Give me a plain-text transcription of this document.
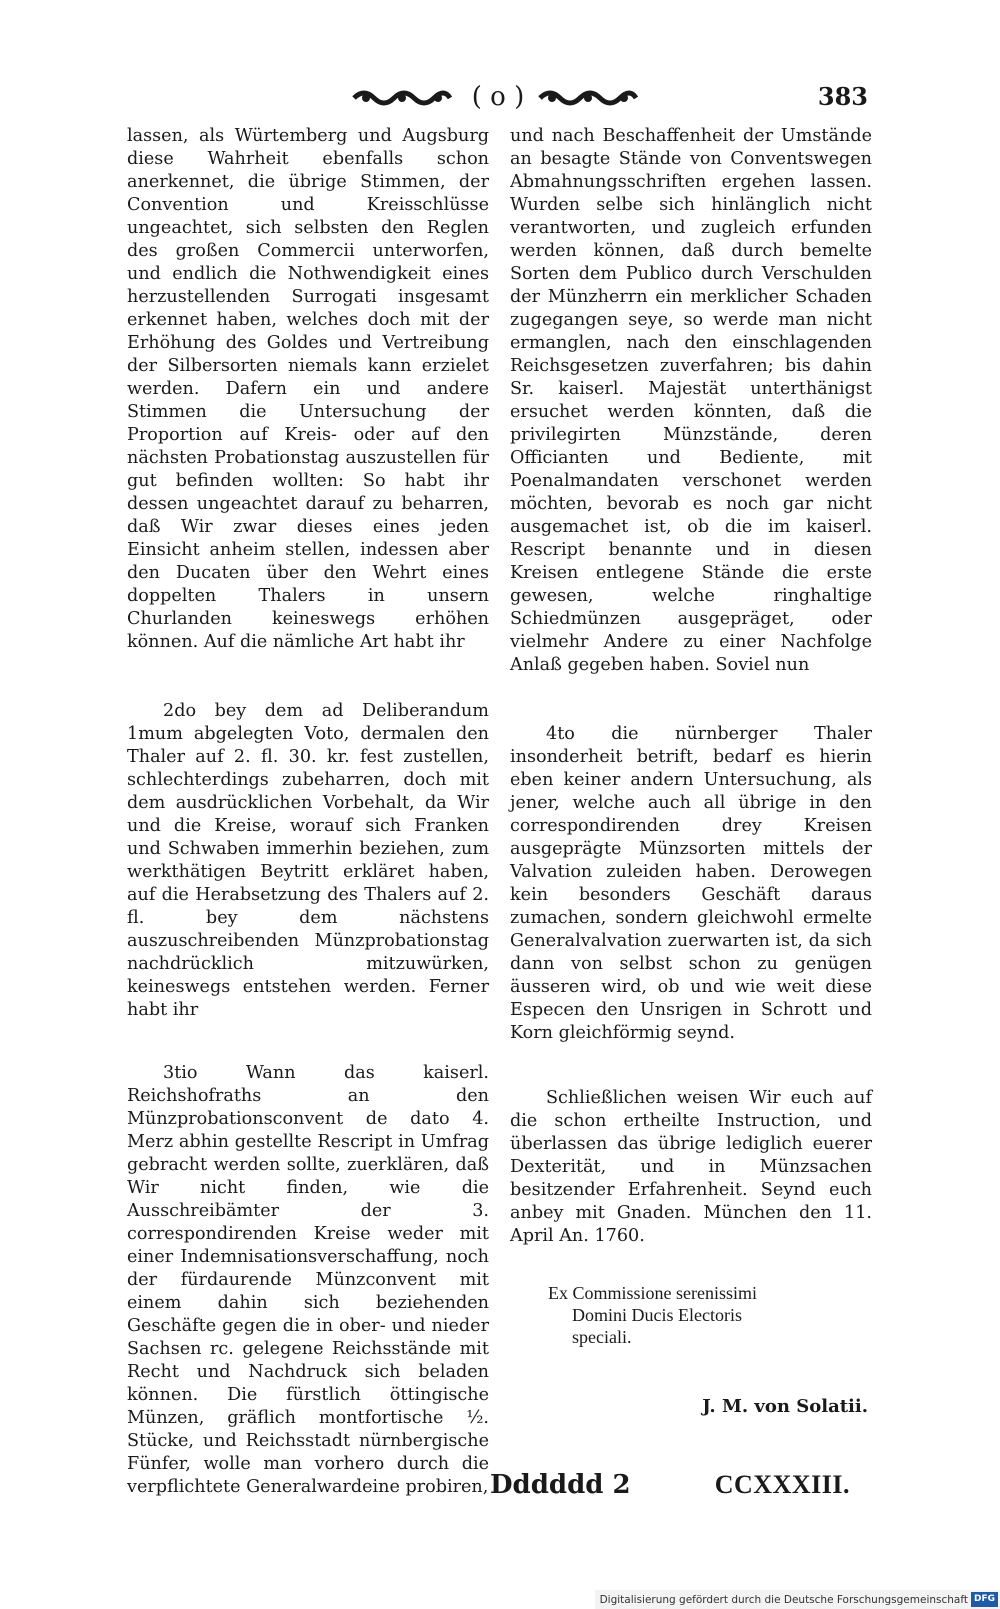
( o )	383

lassen, als Würtemberg und Augsburg diese Wahrheit ebenfalls schon anerkennet, die übrige Stimmen, der Convention und Kreisschlüsse ungeachtet, sich selbsten den Reglen des großen Commercii unterworfen, und endlich die Nothwendigkeit eines herzustellenden Surrogati insgesamt erkennet haben, welches doch mit der Erhöhung des Goldes und Vertreibung der Silbersorten niemals kann erzielet werden. Dafern ein und andere Stimmen die Untersuchung der Proportion auf Kreis- oder auf den nächsten Probationstag auszustellen für gut befinden wollten: So habt ihr dessen ungeachtet darauf zu beharren, daß Wir zwar dieses eines jeden Einsicht anheim stellen, indessen aber den Ducaten über den Wehrt eines doppelten Thalers in unsern Churlanden keineswegs erhöhen können. Auf die nämliche Art habt ihr

2do bey dem ad Deliberandum 1mum abgelegten Voto, dermalen den Thaler auf 2. fl. 30. kr. fest zustellen, schlechterdings zubeharren, doch mit dem ausdrücklichen Vorbehalt, da Wir und die Kreise, worauf sich Franken und Schwaben immerhin beziehen, zum werkthätigen Beytritt erkläret haben, auf die Herabsetzung des Thalers auf 2. fl. bey dem nächstens auszuschreibenden Münzprobationstag nachdrücklich mitzuwürken, keineswegs entstehen werden. Ferner habt ihr

3tio Wann das kaiserl. Reichshofraths an den Münzprobationsconvent de dato 4. Merz abhin gestellte Rescript in Umfrag gebracht werden sollte, zuerklären, daß Wir nicht finden, wie die Ausschreibämter der 3. correspondirenden Kreise weder mit einer Indemnisationsverschaffung, noch der fürdaurende Münzconvent mit einem dahin sich beziehenden Geschäfte gegen die in ober- und nieder Sachsen rc. gelegene Reichsstände mit Recht und Nachdruck sich beladen können. Die fürstlich öttingische Münzen, gräflich montfortische ⅟₂. Stücke, und Reichsstadt nürnbergische Fünfer, wolle man vorhero durch die verpflichtete Generalwardeine probiren,

und nach Beschaffenheit der Umstände an besagte Stände von Conventswegen Abmahnungsschriften ergehen lassen. Wurden selbe sich hinlänglich nicht verantworten, und zugleich erfunden werden können, daß durch bemelte Sorten dem Publico durch Verschulden der Münzherrn ein merklicher Schaden zugegangen seye, so werde man nicht ermanglen, nach den einschlagenden Reichsgesetzen zuverfahren; bis dahin Sr. kaiserl. Majestät unterthänigst ersuchet werden könnten, daß die privilegirten Münzstände, deren Officianten und Bediente, mit Poenalmandaten verschonet werden möchten, bevorab es noch gar nicht ausgemachet ist, ob die im kaiserl. Rescript benannte und in diesen Kreisen entlegene Stände die erste gewesen, welche ringhaltige Schiedmünzen ausgepräget, oder vielmehr Andere zu einer Nachfolge Anlaß gegeben haben. Soviel nun

4to die nürnberger Thaler insonderheit betrift, bedarf es hierin eben keiner andern Untersuchung, als jener, welche auch all übrige in den correspondirenden drey Kreisen ausgeprägte Münzsorten mittels der Valvation zuleiden haben. Derowegen kein besonders Geschäft daraus zumachen, sondern gleichwohl ermelte Generalvalvation zuerwarten ist, da sich dann von selbst schon zu genügen äusseren wird, ob und wie weit diese Especen den Unsrigen in Schrott und Korn gleichförmig seynd.

Schließlichen weisen Wir euch auf die schon ertheilte Instruction, und überlassen das übrige lediglich euerer Dexterität, und in Münzsachen besitzender Erfahrenheit. Seynd euch anbey mit Gnaden. München den 11. April An. 1760.

Ex Commissione serenissimi
Domini Ducis Electoris
speciali.
J. M. von Solatii.
Dddddd 2	CCXXXIII.
Digitalisierung gefördert durch die Deutsche Forschungsgemeinschaft DFG
